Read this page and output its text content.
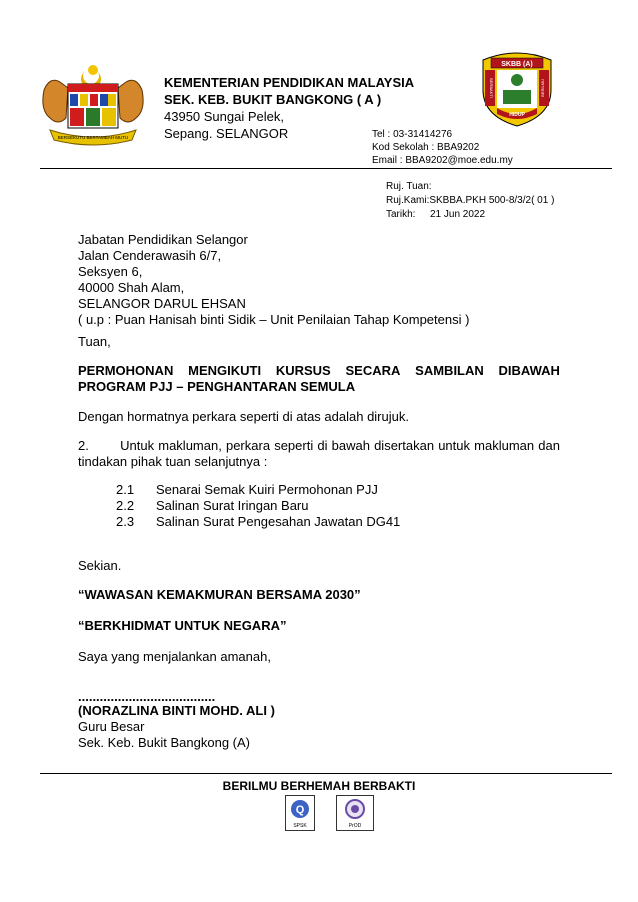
BERSEKUTU BERTAMBAH MUTU
KEMENTERIAN PENDIDIKAN MALAYSIA
SEK. KEB. BUKIT BANGKONG ( A )
43950 Sungai Pelek,
Sepang. SELANGOR
SKBB (A)
BERBAKTI	BERILMU
HIDUP
Tel : 03-31414276
Kod Sekolah : BBA9202
Email : BBA9202@moe.edu.my
Ruj. Tuan:
Ruj.Kami:SKBBA.PKH 500-8/3/2( 01 )
Tarikh: 21 Jun 2022
Jabatan Pendidikan Selangor
Jalan Cenderawasih 6/7,
Seksyen 6,
40000 Shah Alam,
SELANGOR DARUL EHSAN
( u.p : Puan Hanisah binti Sidik – Unit Penilaian Tahap Kompetensi )
Tuan,
PERMOHONAN MENGIKUTI KURSUS SECARA SAMBILAN DIBAWAH
PROGRAM PJJ – PENGHANTARAN SEMULA
Dengan hormatnya perkara seperti di atas adalah dirujuk.
2.	Untuk makluman, perkara seperti di bawah disertakan untuk makluman dan
tindakan pihak tuan selanjutnya :
2.1	Senarai Semak Kuiri Permohonan PJJ
2.2	Salinan Surat Iringan Baru
2.3	Salinan Surat Pengesahan Jawatan DG41
Sekian.
“WAWASAN KEMAKMURAN BERSAMA 2030”
“BERKHIDMAT UNTUK NEGARA”
Saya yang menjalankan amanah,
......................................
(NORAZLINA BINTI MOHD. ALI )
Guru Besar
Sek. Keb. Bukit Bangkong (A)
BERILMU BERHEMAH BERBAKTI
Q
SPSK	PrOD
